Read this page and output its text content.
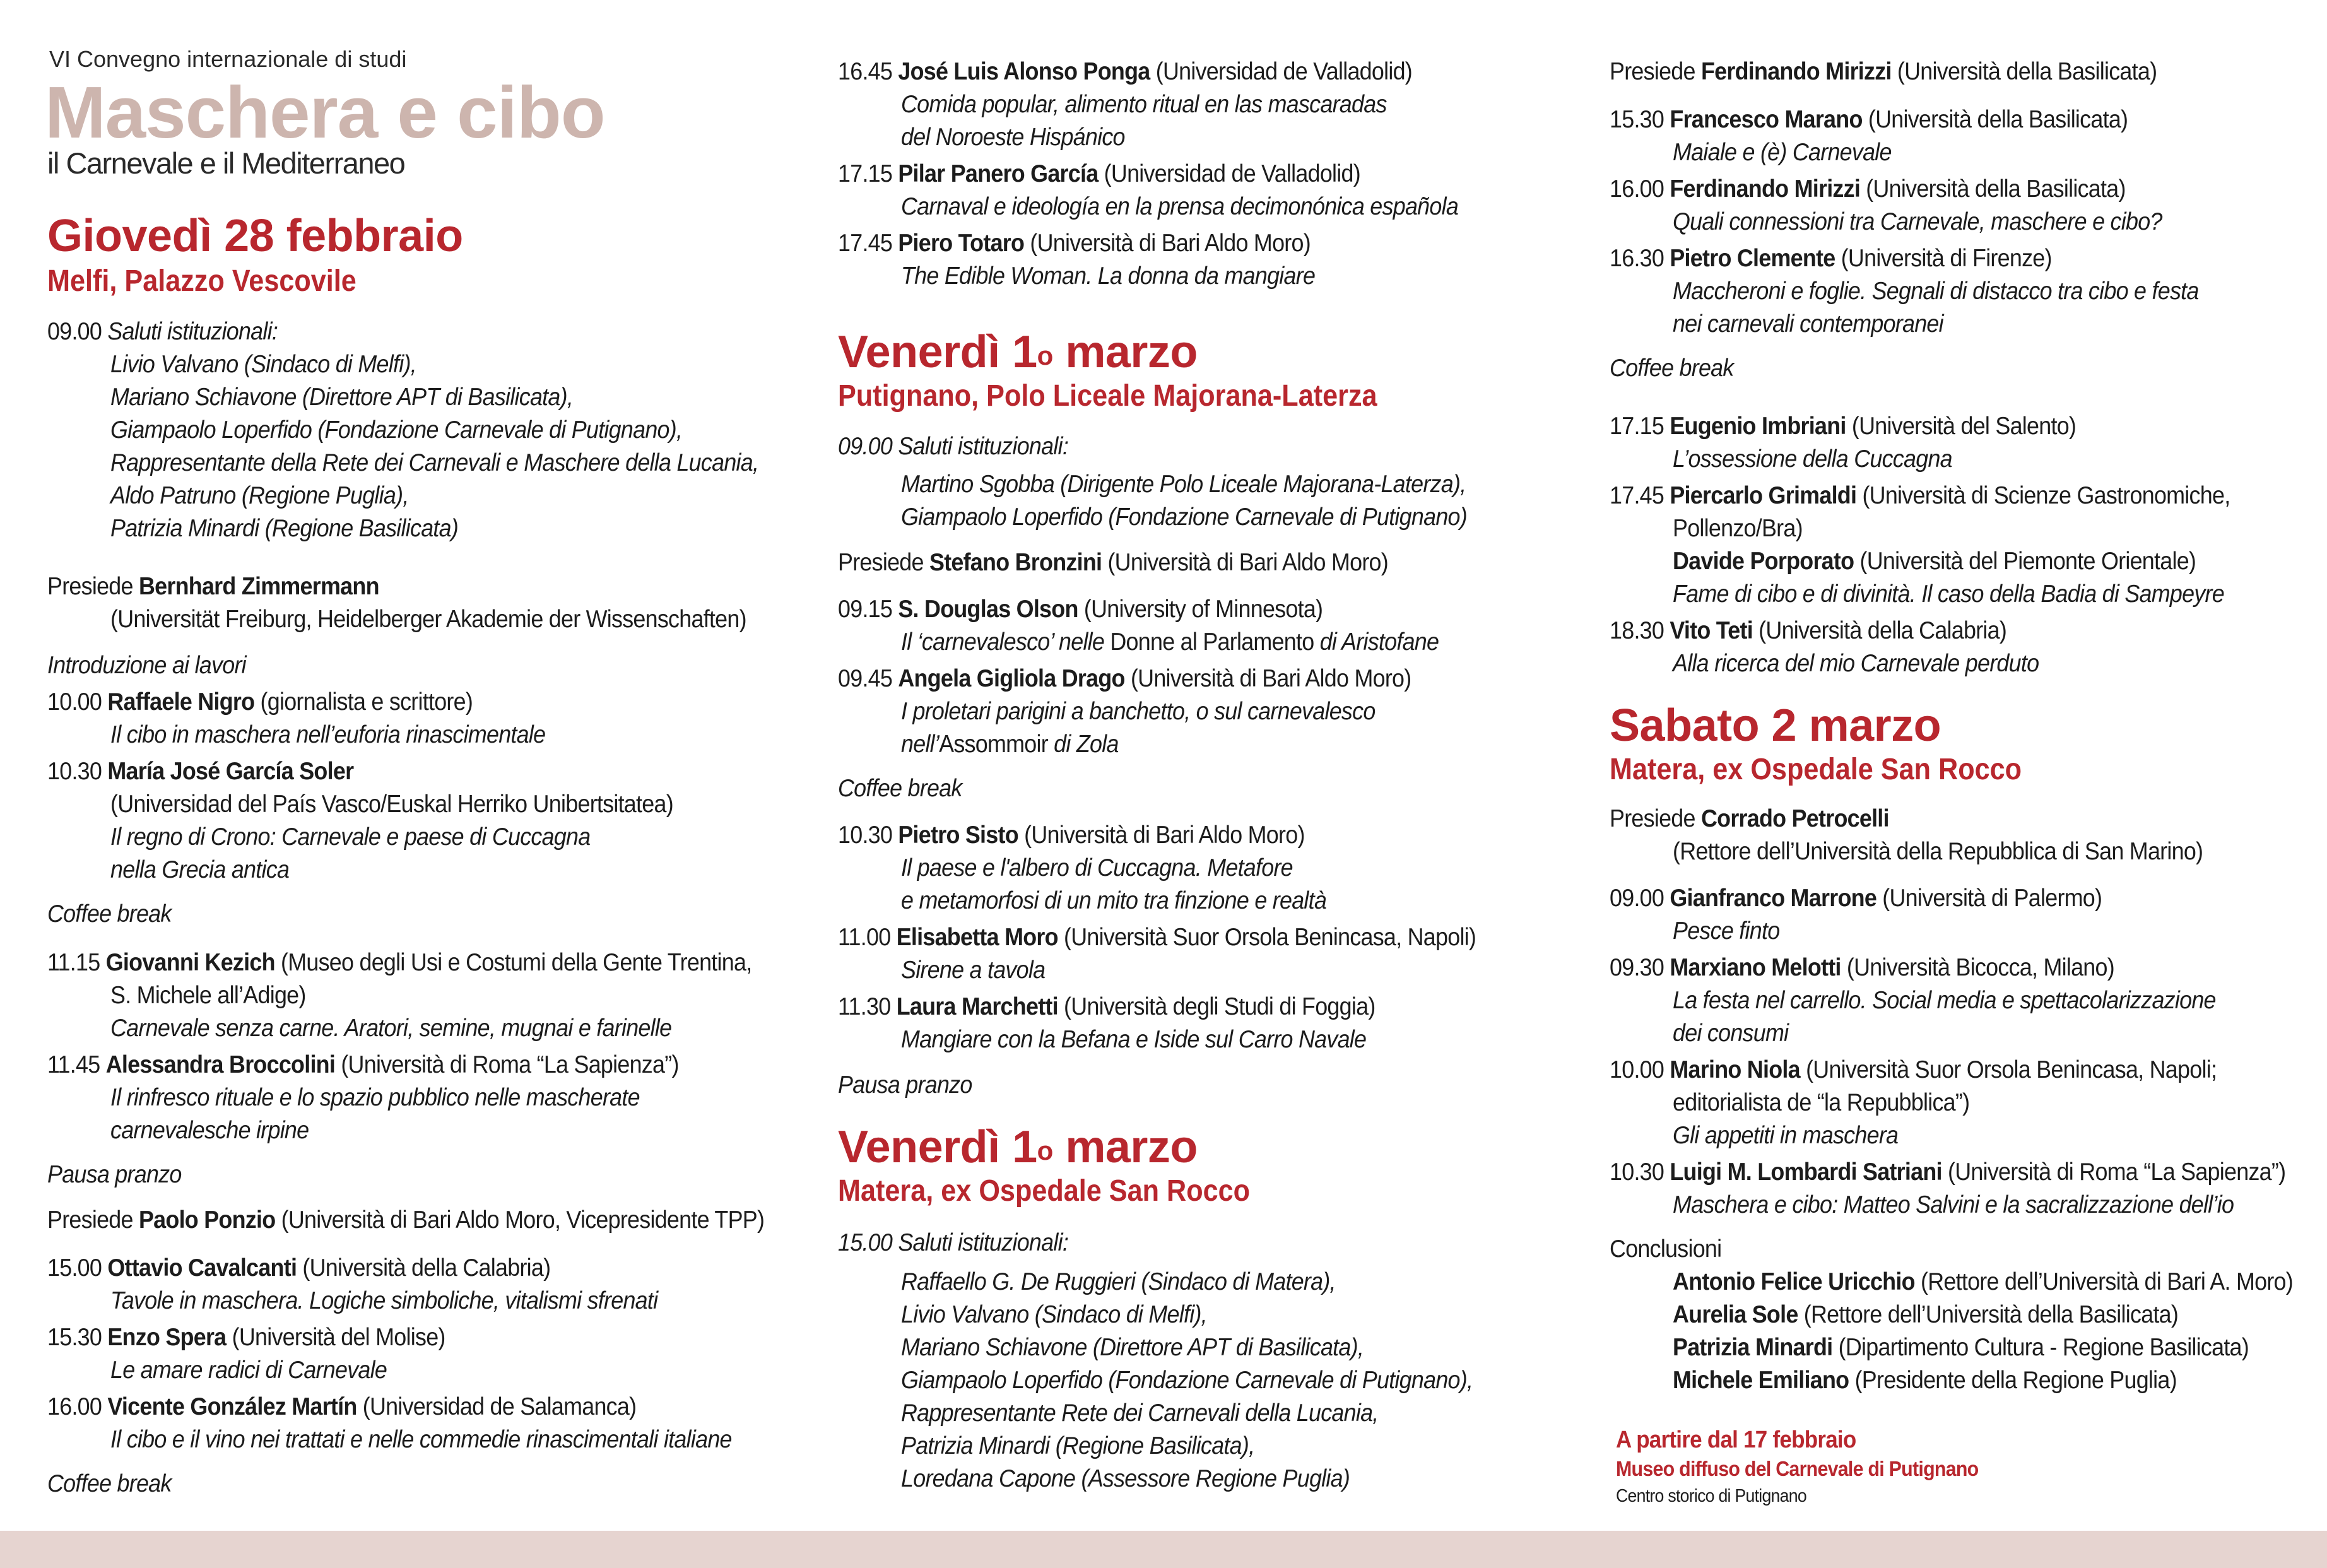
VI Convegno internazionale di studi
Maschera e cibo
il Carnevale e il Mediterraneo
Giovedì 28 febbraio
Melfi, Palazzo Vescovile
09.00 Saluti istituzionali:
Livio Valvano (Sindaco di Melfi),
Mariano Schiavone (Direttore APT di Basilicata),
Giampaolo Loperfido (Fondazione Carnevale di Putignano),
Rappresentante della Rete dei Carnevali e Maschere della Lucania,
Aldo Patruno (Regione Puglia),
Patrizia Minardi (Regione Basilicata)
Presiede Bernhard Zimmermann
(Universität Freiburg, Heidelberger Akademie der Wissenschaften)
Introduzione ai lavori
10.00 Raffaele Nigro (giornalista e scrittore)
Il cibo in maschera nell’euforia rinascimentale
10.30 María José García Soler
(Universidad del País Vasco/Euskal Herriko Unibertsitatea)
Il regno di Crono: Carnevale e paese di Cuccagna
nella Grecia antica
Coffee break
11.15 Giovanni Kezich (Museo degli Usi e Costumi della Gente Trentina,
S. Michele all’Adige)
Carnevale senza carne. Aratori, semine, mugnai e farinelle
11.45 Alessandra Broccolini (Università di Roma “La Sapienza”)
Il rinfresco rituale e lo spazio pubblico nelle mascherate
carnevalesche irpine
Pausa pranzo
Presiede Paolo Ponzio (Università di Bari Aldo Moro, Vicepresidente TPP)
15.00 Ottavio Cavalcanti (Università della Calabria)
Tavole in maschera. Logiche simboliche, vitalismi sfrenati
15.30 Enzo Spera (Università del Molise)
Le amare radici di Carnevale
16.00 Vicente González Martín (Universidad de Salamanca)
Il cibo e il vino nei trattati e nelle commedie rinascimentali italiane
Coffee break
16.45 José Luis Alonso Ponga (Universidad de Valladolid)
Comida popular, alimento ritual en las mascaradas
del Noroeste Hispánico
17.15 Pilar Panero García (Universidad de Valladolid)
Carnaval e ideología en la prensa decimonónica española
17.45 Piero Totaro (Università di Bari Aldo Moro)
The Edible Woman. La donna da mangiare
Venerdì 1$^o$ marzo
Putignano, Polo Liceale Majorana-Laterza
09.00 Saluti istituzionali:
Martino Sgobba (Dirigente Polo Liceale Majorana-Laterza),
Giampaolo Loperfido (Fondazione Carnevale di Putignano)
Presiede Stefano Bronzini (Università di Bari Aldo Moro)
09.15 S. Douglas Olson (University of Minnesota)
Il ‘carnevalesco’ nelle Donne al Parlamento di Aristofane
09.45 Angela Gigliola Drago (Università di Bari Aldo Moro)
I proletari parigini a banchetto, o sul carnevalesco
nell’Assommoir di Zola
Coffee break
10.30 Pietro Sisto (Università di Bari Aldo Moro)
Il paese e l'albero di Cuccagna. Metafore
e metamorfosi di un mito tra finzione e realtà
11.00 Elisabetta Moro (Università Suor Orsola Benincasa, Napoli)
Sirene a tavola
11.30 Laura Marchetti (Università degli Studi di Foggia)
Mangiare con la Befana e Iside sul Carro Navale
Pausa pranzo
Venerdì 1$^o$ marzo
Matera, ex Ospedale San Rocco
15.00 Saluti istituzionali:
Raffaello G. De Ruggieri (Sindaco di Matera),
Livio Valvano (Sindaco di Melfi),
Mariano Schiavone (Direttore APT di Basilicata),
Giampaolo Loperfido (Fondazione Carnevale di Putignano),
Rappresentante Rete dei Carnevali della Lucania,
Patrizia Minardi (Regione Basilicata),
Loredana Capone (Assessore Regione Puglia)
Presiede Ferdinando Mirizzi (Università della Basilicata)
15.30 Francesco Marano (Università della Basilicata)
Maiale e (è) Carnevale
16.00 Ferdinando Mirizzi (Università della Basilicata)
Quali connessioni tra Carnevale, maschere e cibo?
16.30 Pietro Clemente (Università di Firenze)
Maccheroni e foglie. Segnali di distacco tra cibo e festa
nei carnevali contemporanei
Coffee break
17.15 Eugenio Imbriani (Università del Salento)
L’ossessione della Cuccagna
17.45 Piercarlo Grimaldi (Università di Scienze Gastronomiche,
Pollenzo/Bra)
Davide Porporato (Università del Piemonte Orientale)
Fame di cibo e di divinità. Il caso della Badia di Sampeyre
18.30 Vito Teti (Università della Calabria)
Alla ricerca del mio Carnevale perduto
Sabato 2 marzo
Matera, ex Ospedale San Rocco
Presiede Corrado Petrocelli
(Rettore dell’Università della Repubblica di San Marino)
09.00 Gianfranco Marrone (Università di Palermo)
Pesce finto
09.30 Marxiano Melotti (Università Bicocca, Milano)
La festa nel carrello. Social media e spettacolarizzazione
dei consumi
10.00 Marino Niola (Università Suor Orsola Benincasa, Napoli;
editorialista de “la Repubblica”)
Gli appetiti in maschera
10.30 Luigi M. Lombardi Satriani (Università di Roma “La Sapienza”)
Maschera e cibo: Matteo Salvini e la sacralizzazione dell’io
Conclusioni
Antonio Felice Uricchio (Rettore dell’Università di Bari A. Moro)
Aurelia Sole (Rettore dell’Università della Basilicata)
Patrizia Minardi (Dipartimento Cultura - Regione Basilicata)
Michele Emiliano (Presidente della Regione Puglia)
A partire dal 17 febbraio
Museo diffuso del Carnevale di Putignano
Centro storico di Putignano
